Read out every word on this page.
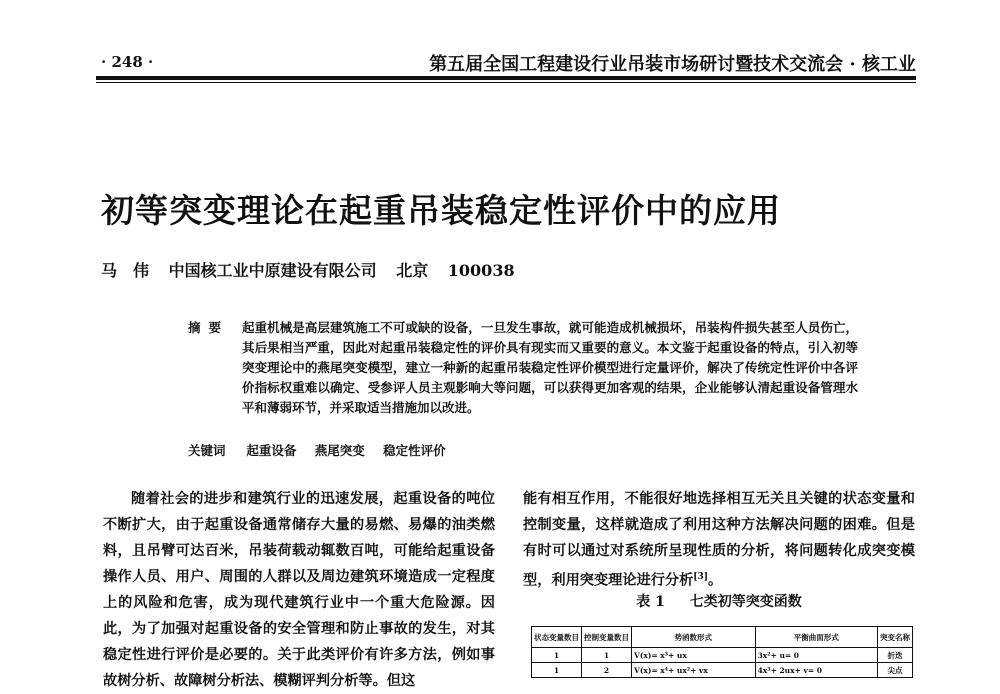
· 248 ·	第五届全国工程建设行业吊装市场研讨暨技术交流会 · 核工业
初等突变理论在起重吊装稳定性评价中的应用
马　伟 中国核工业中原建设有限公司 北京 100038
摘要	起重机械是高层建筑施工不可或缺的设备，一旦发生事故，就可能造成机械损坏，吊装构件损失甚至人员伤亡，其后果相当严重，因此对起重吊装稳定性的评价具有现实而又重要的意义。本文鉴于起重设备的特点，引入初等突变理论中的燕尾突变模型，建立一种新的起重吊装稳定性评价模型进行定量评价，解决了传统定性评价中各评价指标权重难以确定、受参评人员主观影响大等问题，可以获得更加客观的结果，企业能够认清起重设备管理水平和薄弱环节，并采取适当措施加以改进。
关键词 起重设备 燕尾突变 稳定性评价
随着社会的进步和建筑行业的迅速发展，起重设备的吨位不断扩大，由于起重设备通常储存大量的易燃、易爆的油类燃料，且吊臂可达百米，吊装荷载动辄数百吨，可能给起重设备操作人员、用户、周围的人群以及周边建筑环境造成一定程度上的风险和危害，成为现代建筑行业中一个重大危险源。因此，为了加强对起重设备的安全管理和防止事故的发生，对其稳定性进行评价是必要的。关于此类评价有许多方法，例如事故树分析、故障树分析法、模糊评判分析等。但这
能有相互作用，不能很好地选择相互无关且关键的状态变量和控制变量，这样就造成了利用这种方法解决问题的困难。但是有时可以通过对系统所呈现性质的分析，将问题转化成突变模型，利用突变理论进行分析[3]。
表 1 七类初等突变函数
状态变量数目	控制变量数目	势函数形式	平衡曲面形式	突变名称
1	1	V(x)= x³+ ux	3x²+ u= 0	折迭
1	2	V(x)= x⁴+ ux²+ vx	4x³+ 2ux+ v= 0	尖点
